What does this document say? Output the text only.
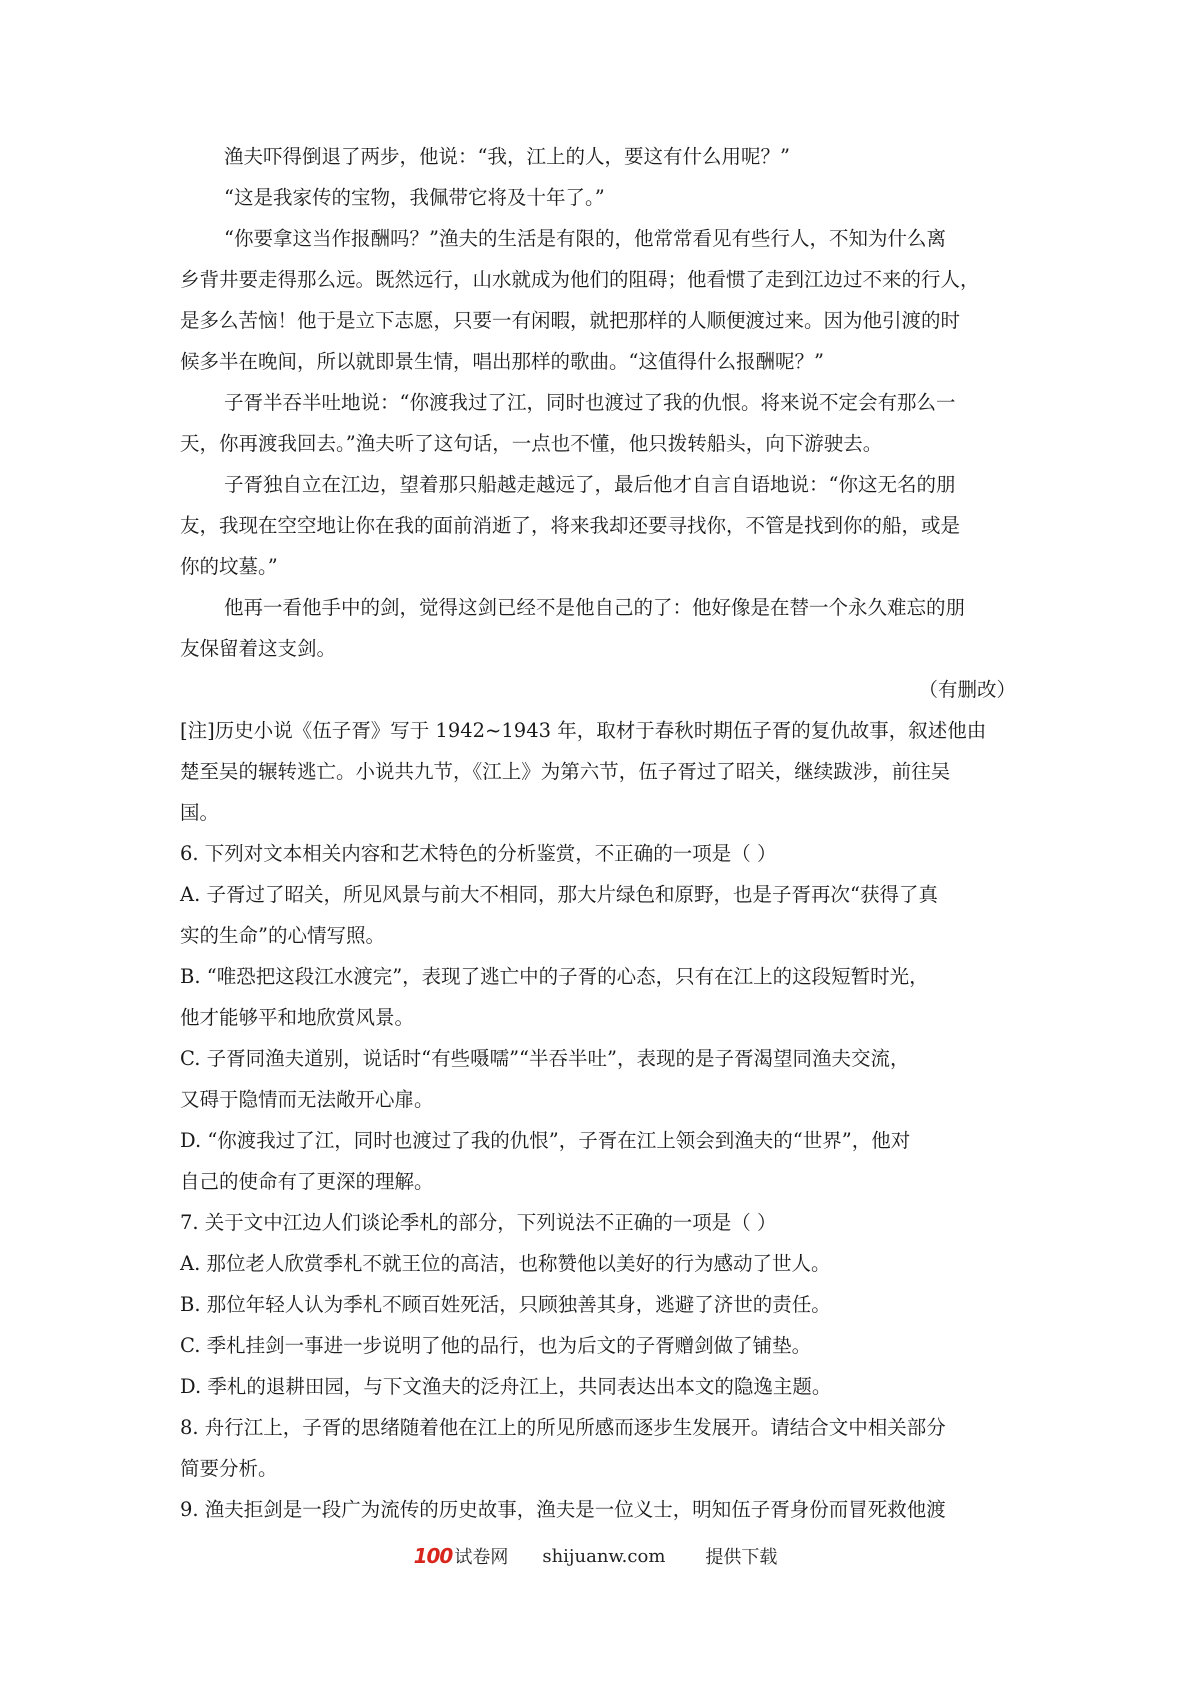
渔夫吓得倒退了两步，他说：“我，江上的人，要这有什么用呢？”
“这是我家传的宝物，我佩带它将及十年了。”
“你要拿这当作报酬吗？”渔夫的生活是有限的，他常常看见有些行人，不知为什么离
乡背井要走得那么远。既然远行，山水就成为他们的阻碍；他看惯了走到江边过不来的行人，
是多么苦恼！他于是立下志愿，只要一有闲暇，就把那样的人顺便渡过来。因为他引渡的时
候多半在晚间，所以就即景生情，唱出那样的歌曲。“这值得什么报酬呢？”
子胥半吞半吐地说：“你渡我过了江，同时也渡过了我的仇恨。将来说不定会有那么一
天，你再渡我回去。”渔夫听了这句话，一点也不懂，他只拨转船头，向下游驶去。
子胥独自立在江边，望着那只船越走越远了，最后他才自言自语地说：“你这无名的朋
友，我现在空空地让你在我的面前消逝了，将来我却还要寻找你，不管是找到你的船，或是
你的坟墓。”
他再一看他手中的剑，觉得这剑已经不是他自己的了：他好像是在替一个永久难忘的朋
友保留着这支剑。
（有删改）
[注]历史小说《伍子胥》写于 1942~1943 年，取材于春秋时期伍子胥的复仇故事，叙述他由
楚至吴的辗转逃亡。小说共九节，《江上》为第六节，伍子胥过了昭关，继续跋涉，前往吴
国。
6. 下列对文本相关内容和艺术特色的分析鉴赏，不正确的一项是（ ）
A. 子胥过了昭关，所见风景与前大不相同，那大片绿色和原野，也是子胥再次“获得了真
实的生命”的心情写照。
B. “唯恐把这段江水渡完”，表现了逃亡中的子胥的心态，只有在江上的这段短暂时光，
他才能够平和地欣赏风景。
C. 子胥同渔夫道别，说话时“有些嗫嚅”“半吞半吐”，表现的是子胥渴望同渔夫交流，
又碍于隐情而无法敞开心扉。
D. “你渡我过了江，同时也渡过了我的仇恨”，子胥在江上领会到渔夫的“世界”，他对
自己的使命有了更深的理解。
7. 关于文中江边人们谈论季札的部分，下列说法不正确的一项是（ ）
A. 那位老人欣赏季札不就王位的高洁，也称赞他以美好的行为感动了世人。
B. 那位年轻人认为季札不顾百姓死活，只顾独善其身，逃避了济世的责任。
C. 季札挂剑一事进一步说明了他的品行，也为后文的子胥赠剑做了铺垫。
D. 季札的退耕田园，与下文渔夫的泛舟江上，共同表达出本文的隐逸主题。
8. 舟行江上，子胥的思绪随着他在江上的所见所感而逐步生发展开。请结合文中相关部分
简要分析。
9. 渔夫拒剑是一段广为流传的历史故事，渔夫是一位义士，明知伍子胥身份而冒死救他渡
100 试卷网 shijuanw.com 提供下载
